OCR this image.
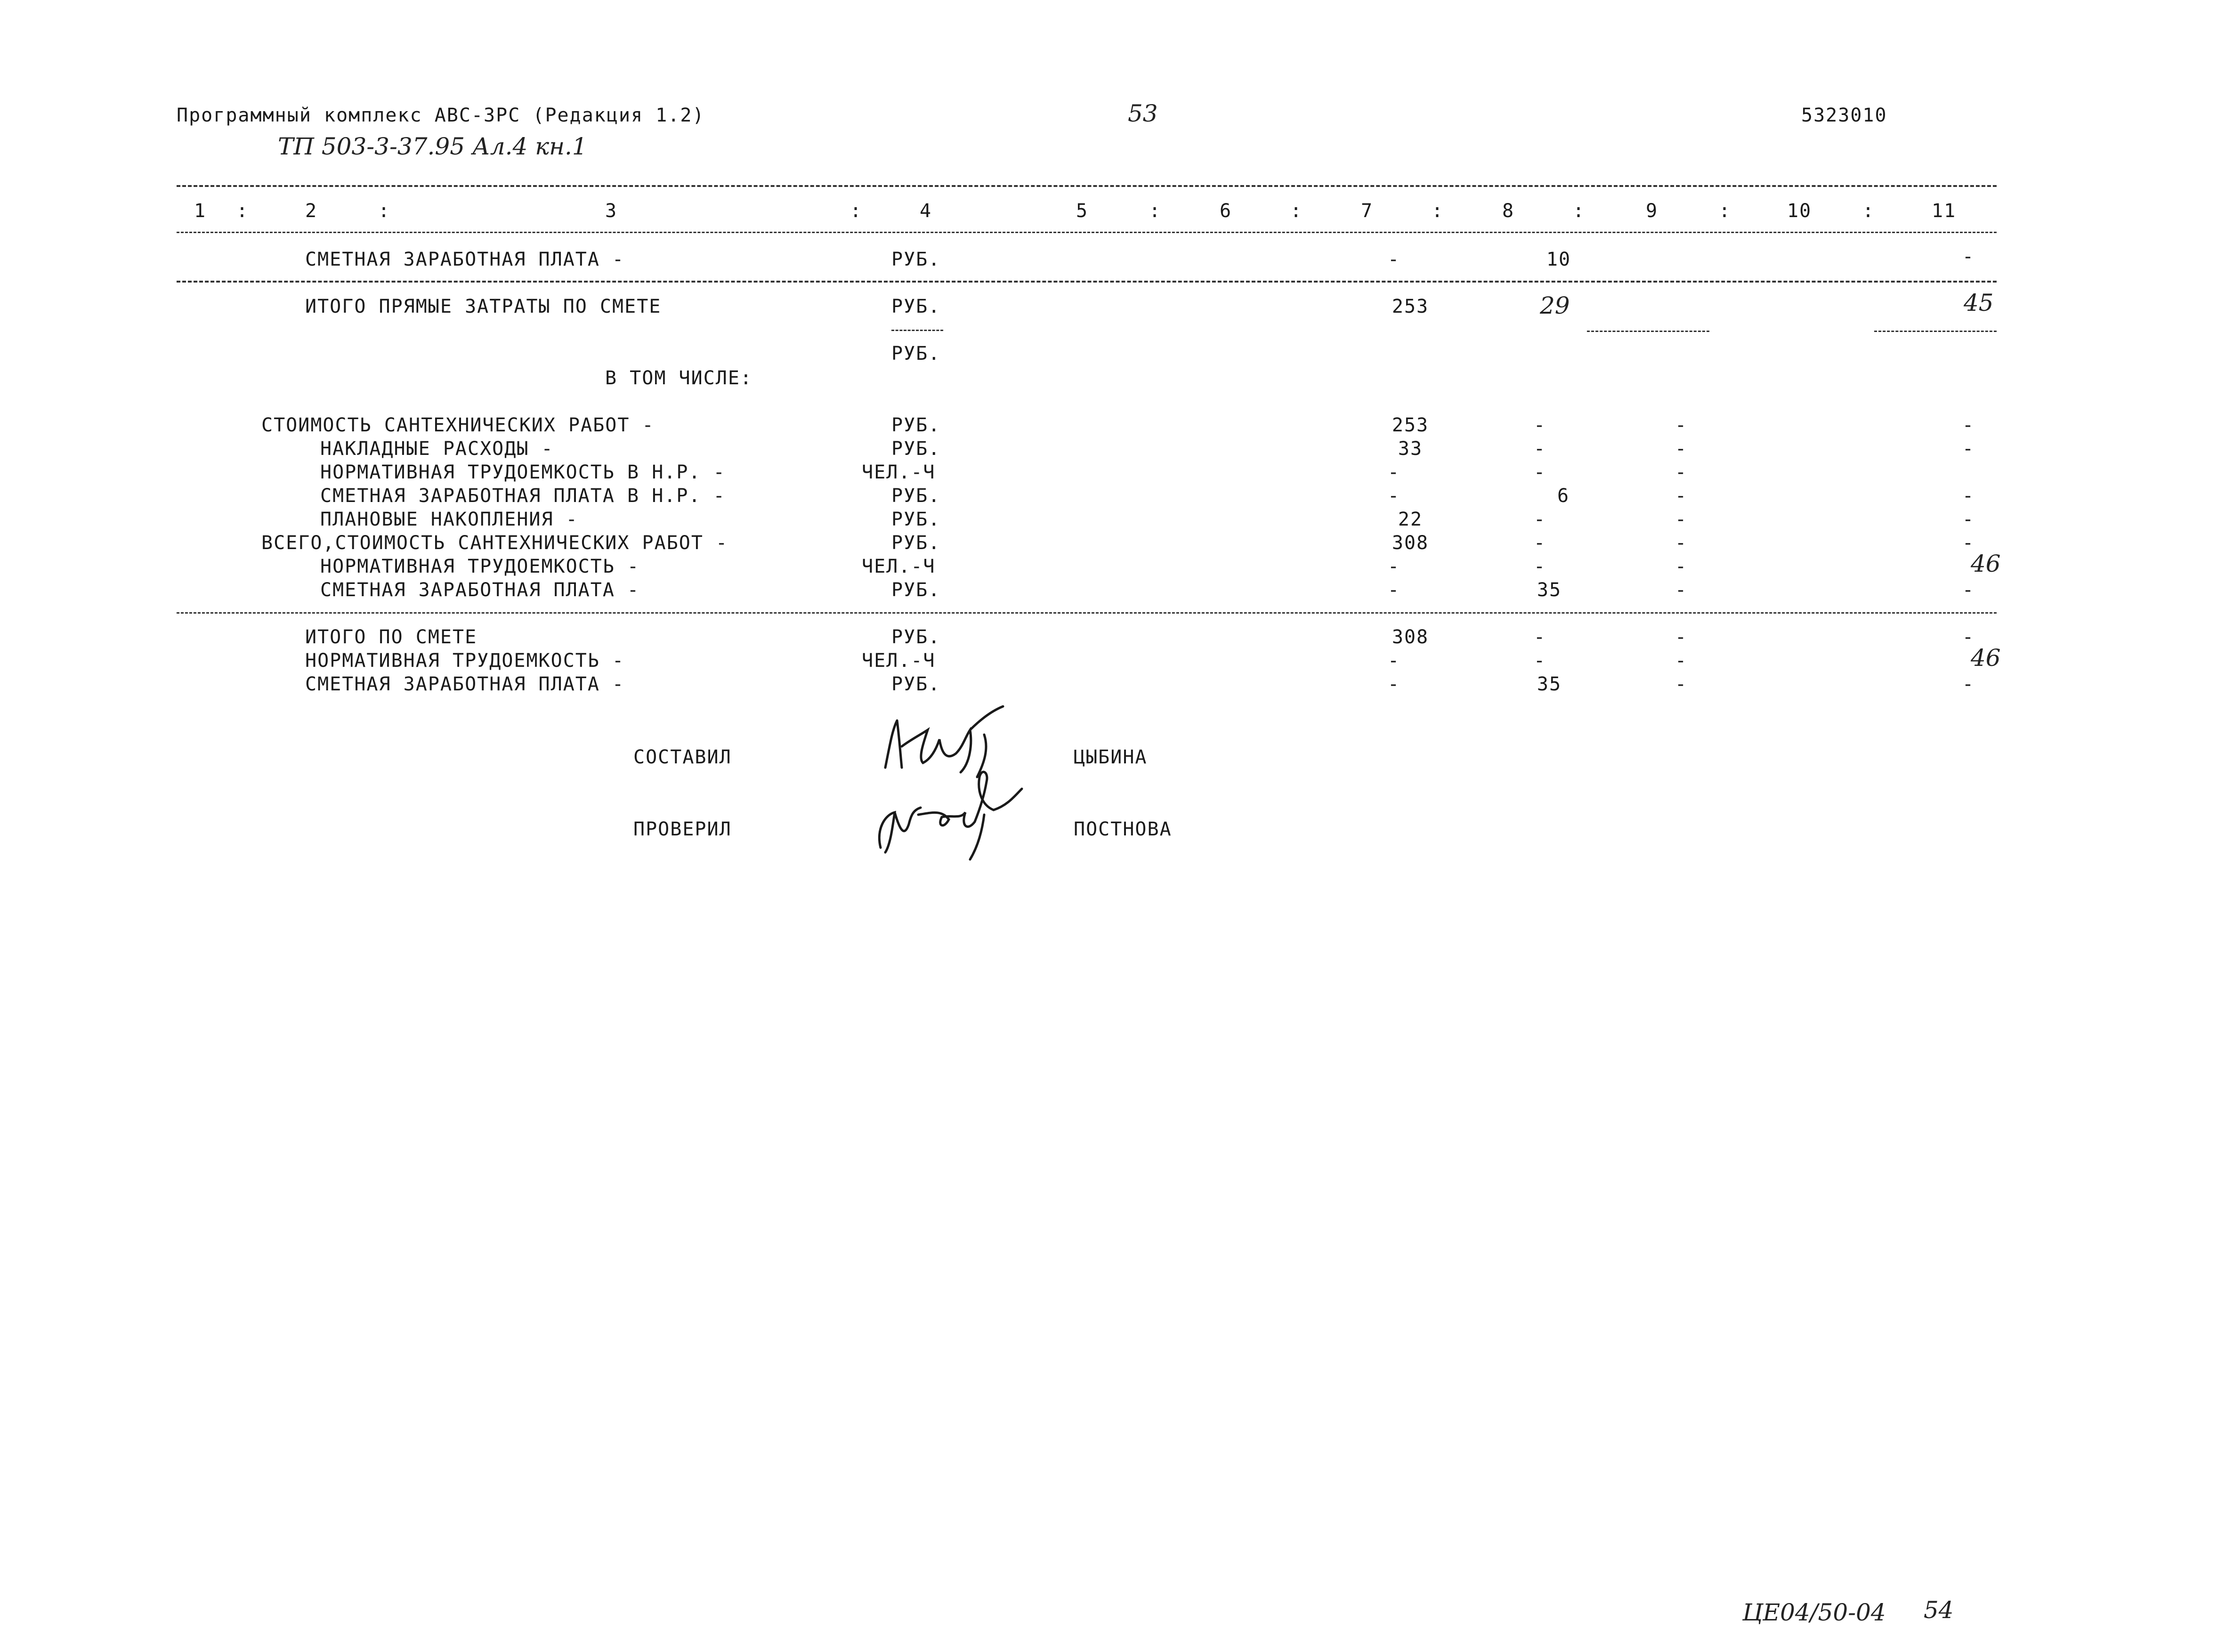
Программный комплекс АВС-3РС (Редакция 1.2)	53	5323010
ТП 503-3-37.95 Ал.4 кн.1
1 :	2	:	3	:	4	5	:	6	:	7	:	8	:	9	:	10	:	11
СМЕТНАЯ ЗАРАБОТНАЯ ПЛАТА -	РУБ.	-	10	-
ИТОГО ПРЯМЫЕ ЗАТРАТЫ ПО СМЕТЕ	РУБ.	253	29	45
РУБ.
В ТОМ ЧИСЛЕ:
СТОИМОСТЬ САНТЕХНИЧЕСКИХ РАБОТ -	РУБ.	253	-	-	-
НАКЛАДНЫЕ РАСХОДЫ -	РУБ.	33	-	-	-
НОРМАТИВНАЯ ТРУДОЕМКОСТЬ В Н.Р. -	ЧЕЛ.-Ч	-	-	-
СМЕТНАЯ ЗАРАБОТНАЯ ПЛАТА В Н.Р. -	РУБ.	-	6	-	-
ПЛАНОВЫЕ НАКОПЛЕНИЯ -	РУБ.	22	-	-	-
ВСЕГО,СТОИМОСТЬ САНТЕХНИЧЕСКИХ РАБОТ -	РУБ.	308	-	-	-
НОРМАТИВНАЯ ТРУДОЕМКОСТЬ -	ЧЕЛ.-Ч	-	-	-	46
СМЕТНАЯ ЗАРАБОТНАЯ ПЛАТА -	РУБ.	-	35	-	-
ИТОГО ПО СМЕТЕ	РУБ.	308	-	-	-
НОРМАТИВНАЯ ТРУДОЕМКОСТЬ -	ЧЕЛ.-Ч	-	-	-	46
СМЕТНАЯ ЗАРАБОТНАЯ ПЛАТА -	РУБ.	-	35	-	-
СОСТАВИЛ	ЦЫБИНА
ПРОВЕРИЛ	ПОСТНОВА
ЦЕ04/50-04 54
